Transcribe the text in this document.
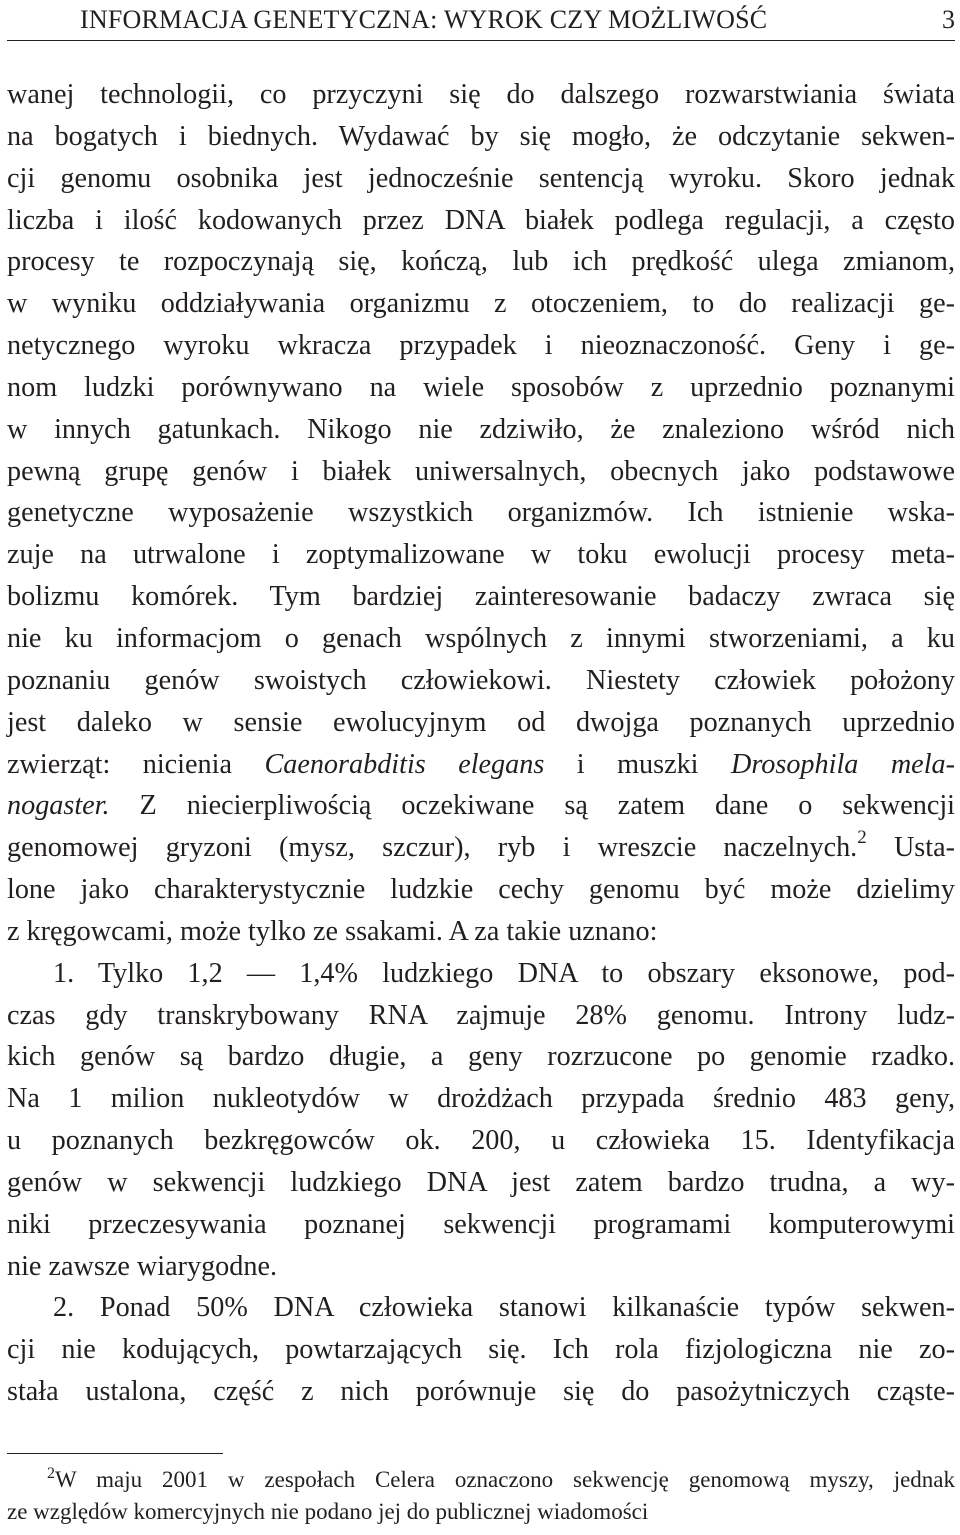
INFORMACJA GENETYCZNA: WYROK CZY MOŻLIWOŚĆ	3
wanej technologii, co przyczyni się do dalszego rozwarstwiania świata
na bogatych i biednych. Wydawać by się mogło, że odczytanie sekwen-
cji genomu osobnika jest jednocześnie sentencją wyroku. Skoro jednak
liczba i ilość kodowanych przez DNA białek podlega regulacji, a często
procesy te rozpoczynają się, kończą, lub ich prędkość ulega zmianom,
w wyniku oddziaływania organizmu z otoczeniem, to do realizacji ge-
netycznego wyroku wkracza przypadek i nieoznaczoność. Geny i ge-
nom ludzki porównywano na wiele sposobów z uprzednio poznanymi
w innych gatunkach. Nikogo nie zdziwiło, że znaleziono wśród nich
pewną grupę genów i białek uniwersalnych, obecnych jako podstawowe
genetyczne wyposażenie wszystkich organizmów. Ich istnienie wska-
zuje na utrwalone i zoptymalizowane w toku ewolucji procesy meta-
bolizmu komórek. Tym bardziej zainteresowanie badaczy zwraca się
nie ku informacjom o genach wspólnych z innymi stworzeniami, a ku
poznaniu genów swoistych człowiekowi. Niestety człowiek położony
jest daleko w sensie ewolucyjnym od dwojga poznanych uprzednio
zwierząt: nicienia Caenorabditis elegans i muszki Drosophila mela-
nogaster. Z niecierpliwością oczekiwane są zatem dane o sekwencji
genomowej gryzoni (mysz, szczur), ryb i wreszcie naczelnych.$^2$ Usta-
lone jako charakterystycznie ludzkie cechy genomu być może dzielimy
z kręgowcami, może tylko ze ssakami. A za takie uznano:
1. Tylko 1,2 — 1,4% ludzkiego DNA to obszary eksonowe, pod-
czas gdy transkrybowany RNA zajmuje 28% genomu. Introny ludz-
kich genów są bardzo długie, a geny rozrzucone po genomie rzadko.
Na 1 milion nukleotydów w drożdżach przypada średnio 483 geny,
u poznanych bezkręgowców ok. 200, u człowieka 15. Identyfikacja
genów w sekwencji ludzkiego DNA jest zatem bardzo trudna, a wy-
niki przeczesywania poznanej sekwencji programami komputerowymi
nie zawsze wiarygodne.
2. Ponad 50% DNA człowieka stanowi kilkanaście typów sekwen-
cji nie kodujących, powtarzających się. Ich rola fizjologiczna nie zo-
stała ustalona, część z nich porównuje się do pasożytniczych cząste-
$^2$W maju 2001 w zespołach Celera oznaczono sekwencję genomową myszy, jednak
ze względów komercyjnych nie podano jej do publicznej wiadomości
